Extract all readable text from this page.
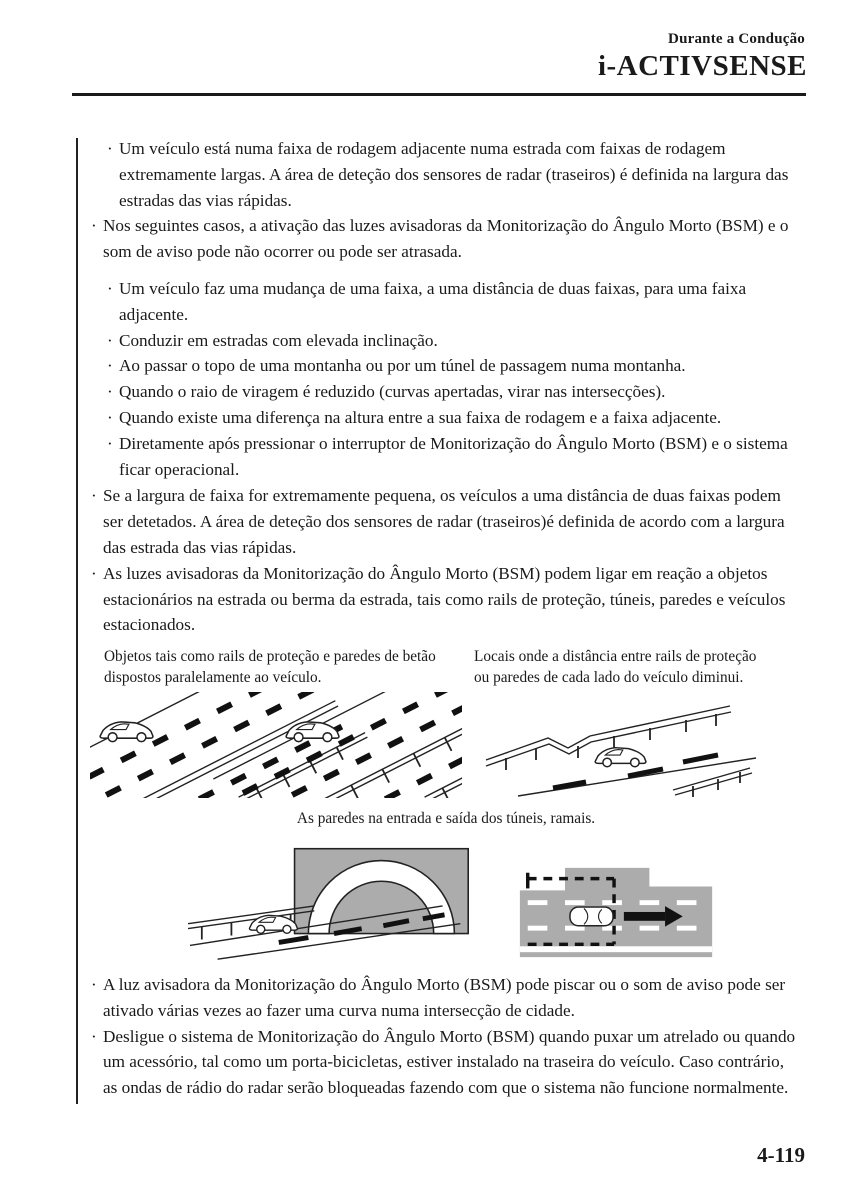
Durante a Condução
i-ACTIVSENSE
· Um veículo está numa faixa de rodagem adjacente numa estrada com faixas de rodagem extremamente largas. A área de deteção dos sensores de radar (traseiros) é definida na largura das estradas das vias rápidas.
· Nos seguintes casos, a ativação das luzes avisadoras da Monitorização do Ângulo Morto (BSM) e o som de aviso pode não ocorrer ou pode ser atrasada.
· Um veículo faz uma mudança de uma faixa, a uma distância de duas faixas, para uma faixa adjacente.
· Conduzir em estradas com elevada inclinação.
· Ao passar o topo de uma montanha ou por um túnel de passagem numa montanha.
· Quando o raio de viragem é reduzido (curvas apertadas, virar nas intersecções).
· Quando existe uma diferença na altura entre a sua faixa de rodagem e a faixa adjacente.
· Diretamente após pressionar o interruptor de Monitorização do Ângulo Morto (BSM) e o sistema ficar operacional.
· Se a largura de faixa for extremamente pequena, os veículos a uma distância de duas faixas podem ser detetados. A área de deteção dos sensores de radar (traseiros)é definida de acordo com a largura das estrada das vias rápidas.
· As luzes avisadoras da Monitorização do Ângulo Morto (BSM) podem ligar em reação a objetos estacionários na estrada ou berma da estrada, tais como rails de proteção, túneis, paredes e veículos estacionados.
Objetos tais como rails de proteção e paredes de betão dispostos paralelamente ao veículo.
Locais onde a distância entre rails de proteção ou paredes de cada lado do veículo diminui.
As paredes na entrada e saída dos túneis, ramais.
· A luz avisadora da Monitorização do Ângulo Morto (BSM) pode piscar ou o som de aviso pode ser ativado várias vezes ao fazer uma curva numa intersecção de cidade.
· Desligue o sistema de Monitorização do Ângulo Morto (BSM) quando puxar um atrelado ou quando um acessório, tal como um porta-bicicletas, estiver instalado na traseira do veículo. Caso contrário, as ondas de rádio do radar serão bloqueadas fazendo com que o sistema não funcione normalmente.
4-119
